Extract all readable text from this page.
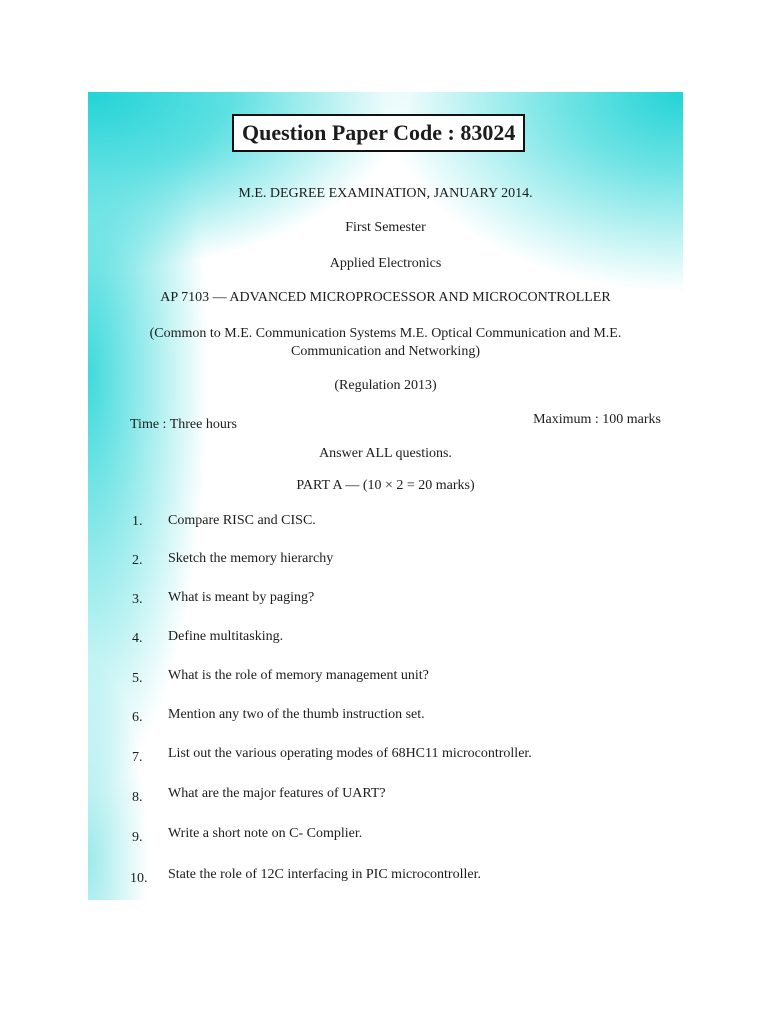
Question Paper Code : 83024
M.E. DEGREE EXAMINATION, JANUARY 2014.
First Semester
Applied Electronics
AP 7103 — ADVANCED MICROPROCESSOR AND MICROCONTROLLER
(Common to M.E. Communication Systems M.E. Optical Communication and M.E.
Communication and Networking)
(Regulation 2013)
Time : Three hours	Maximum : 100 marks
Answer ALL questions.
PART A — (10 × 2 = 20 marks)
1. Compare RISC and CISC.
2. Sketch the memory hierarchy
3. What is meant by paging?
4. Define multitasking.
5. What is the role of memory management unit?
6. Mention any two of the thumb instruction set.
7. List out the various operating modes of 68HC11 microcontroller.
8. What are the major features of UART?
9. Write a short note on C- Complier.
10. State the role of 12C interfacing in PIC microcontroller.
